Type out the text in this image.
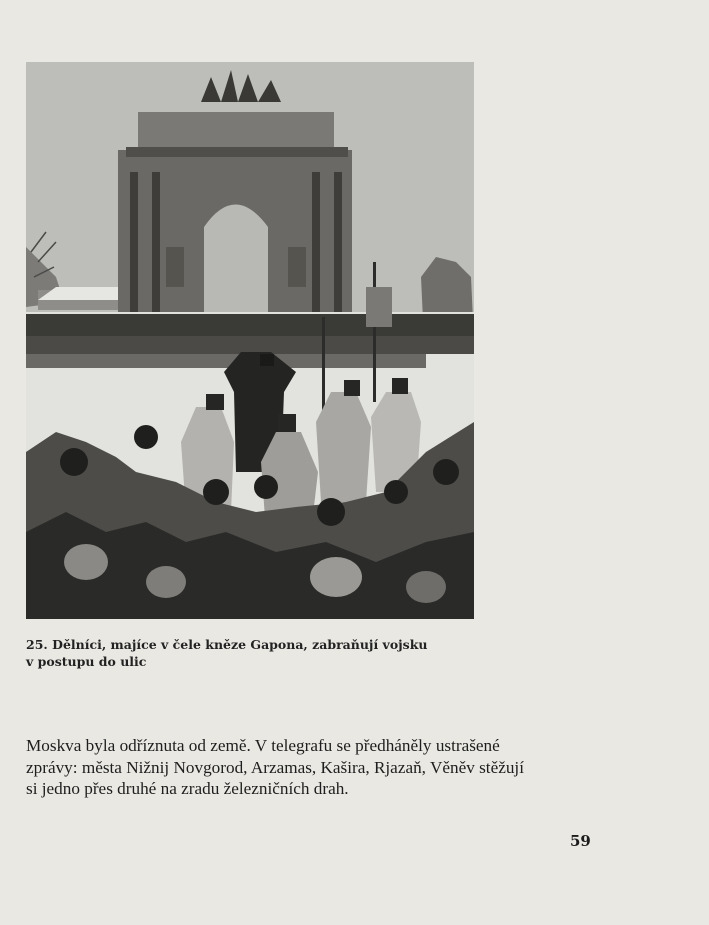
25. Dělníci, majíce v čele kněze Gapona, zabraňují vojsku
v postupu do ulic
Moskva byla odříznuta od země. V telegrafu se předháněly ustrašené
zprávy: města Nižnij Novgorod, Arzamas, Kašira, Rjazaň, Věněv stěžují
si jedno přes druhé na zradu železničních drah.
59
